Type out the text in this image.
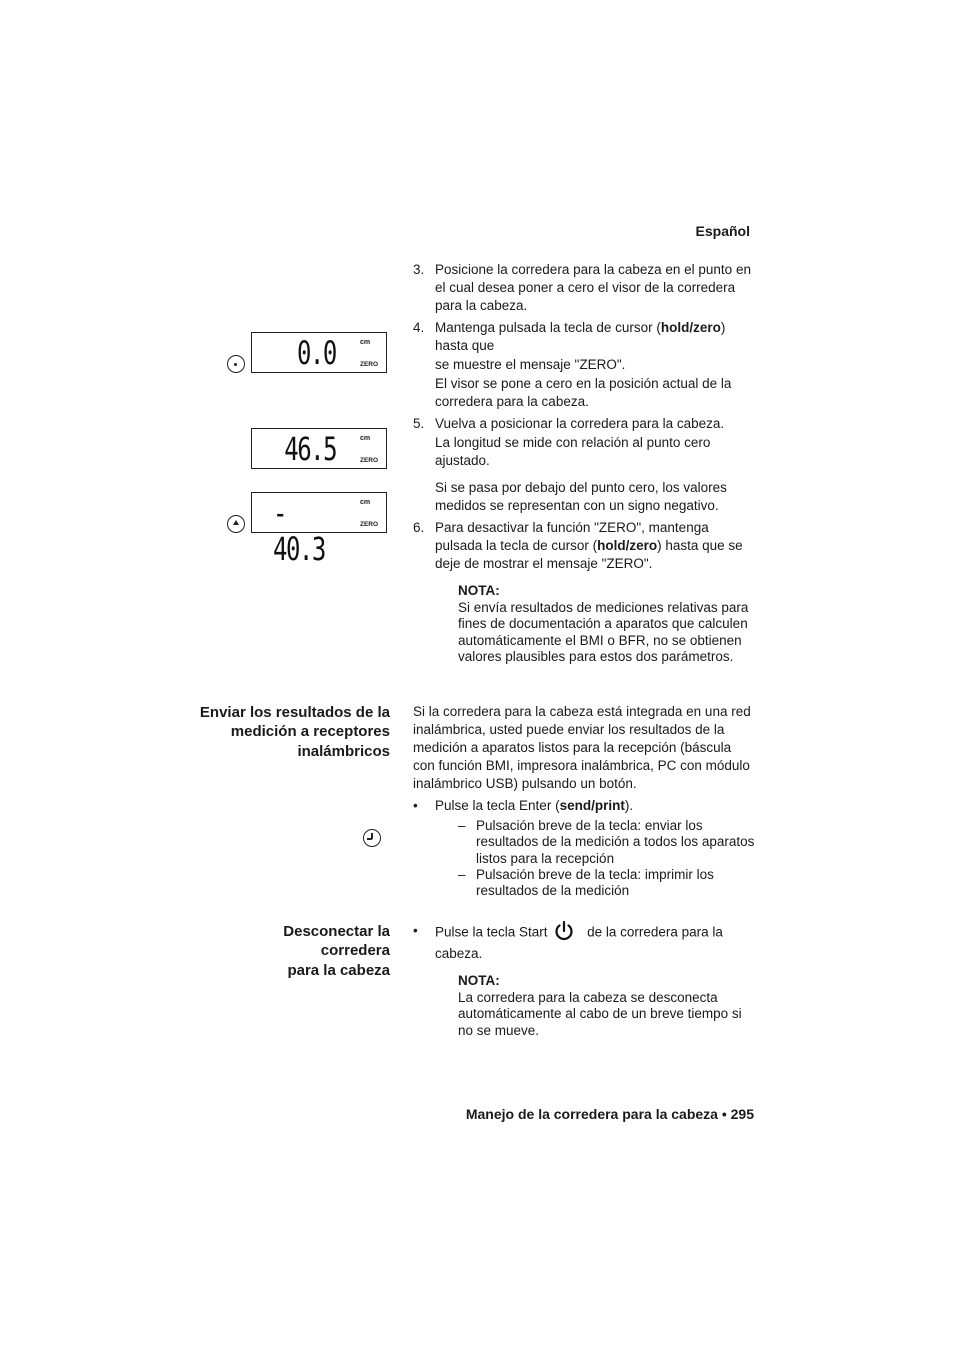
Español
3. Posicione la corredera para la cabeza en el punto en el cual desea poner a cero el visor de la corredera para la cabeza.
4. Mantenga pulsada la tecla de cursor (hold/zero) hasta que
se muestre el mensaje "ZERO".
El visor se pone a cero en la posición actual de la corredera para la cabeza.
5. Vuelva a posicionar la corredera para la cabeza.
La longitud se mide con relación al punto cero ajustado.
Si se pasa por debajo del punto cero, los valores medidos se representan con un signo negativo.
6. Para desactivar la función "ZERO", mantenga pulsada la tecla de cursor (hold/zero) hasta que se deje de mostrar el mensaje "ZERO".
NOTA:
Si envía resultados de mediciones relativas para fines de documentación a aparatos que calculen automáticamente el BMI o BFR, no se obtienen valores plausibles para estos dos parámetros.
0.0	cm
ZERO
46.5	cm
ZERO
- 40.3
cm
ZERO
Enviar los resultados de la medición a receptores inalámbricos
Si la corredera para la cabeza está integrada en una red inalámbrica, usted puede enviar los resultados de la medición a aparatos listos para la recepción (báscula con función BMI, impresora inalámbrica, PC con módulo inalámbrico USB) pulsando un botón.
• Pulse la tecla Enter (send/print).
– Pulsación breve de la tecla: enviar los resultados de la medición a todos los aparatos listos para la recepción
– Pulsación breve de la tecla: imprimir los resultados de la medición
Desconectar la
corredera
para la cabeza
• Pulse la tecla Start	de la corredera para la
cabeza.
NOTA:
La corredera para la cabeza se desconecta automáticamente al cabo de un breve tiempo si no se mueve.
Manejo de la corredera para la cabeza • 295
